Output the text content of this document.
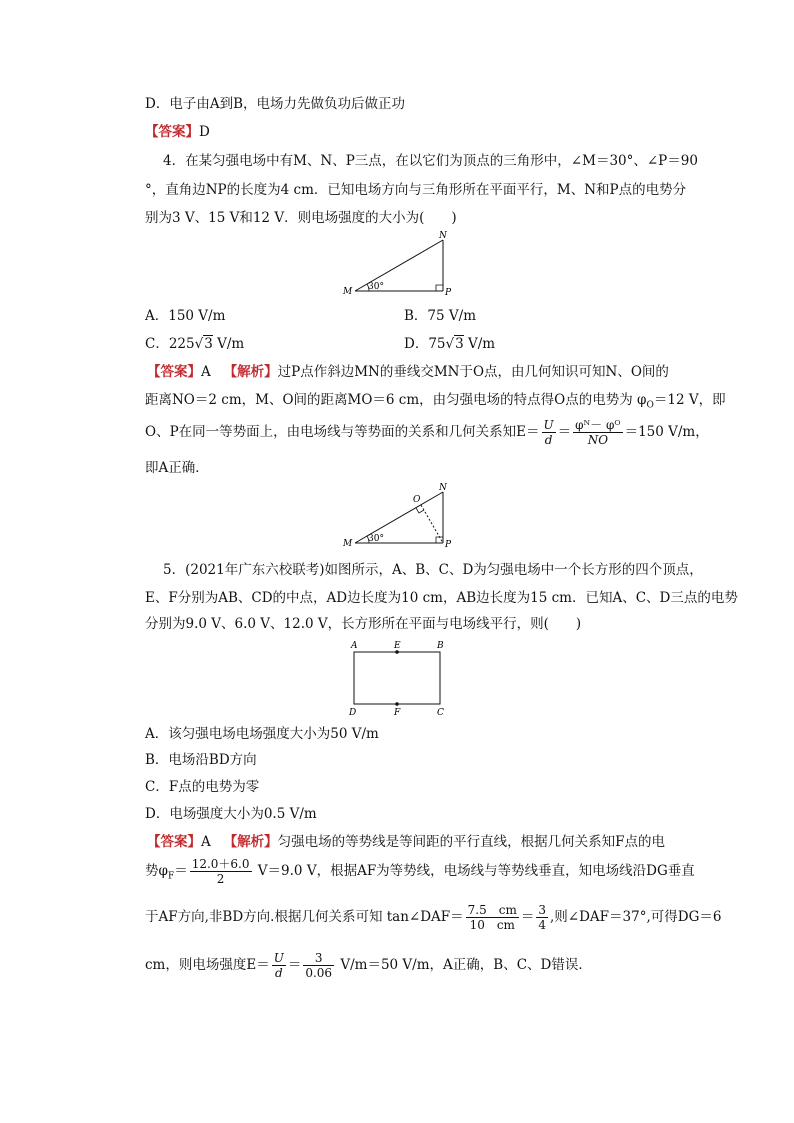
D．电子由A到B，电场力先做负功后做正功
【答案】D
4．在某匀强电场中有M、N、P三点，在以它们为顶点的三角形中，∠M＝30°、∠P＝90
°，直角边NP的长度为4 cm．已知电场方向与三角形所在平面平行，M、N和P点的电势分
别为3 V、15 V和12 V．则电场强度的大小为(　　)
N
M	P
30°
A．150 V/m	B．75 V/m
C．225√3 V/m	D．75√3 V/m
【答案】A 【解析】过P点作斜边MN的垂线交MN于O点，由几何知识可知N、O间的
距离NO＝2 cm，M、O间的距离MO＝6 cm，由匀强电场的特点得O点的电势为 $\varphi_O=12$ V，即
O、P在同一等势面上，由电场线与等势面的关系和几何关系知$E= \frac{U}{d} = \frac{\text{φᴺ－ φᴼ}}{NO} =150$ V/m，
即A正确．
N
O
M	P
30°
5．(2021年广东六校联考)如图所示，A、B、C、D为匀强电场中一个长方形的四个顶点，
E、F分别为AB、CD的中点，AD边长度为10 cm，AB边长度为15 cm．已知A、C、D三点的电势
分别为9.0 V、6.0 V、12.0 V，长方形所在平面与电场线平行，则(　　)
A	E	B
D	F	C
A．该匀强电场电场强度大小为50 V/m
B．电场沿BD方向
C．F点的电势为零
D．电场强度大小为0.5 V/m
【答案】A 【解析】匀强电场的等势线是等间距的平行直线，根据几何关系知F点的电
势$\varphi_F= \frac{12.0+6.0}{2} V=9.0$ V，根据AF为等势线，电场线与等势线垂直，知电场线沿DG垂直
于AF方向,非BD方向.根据几何关系可知 tan∠DAF＝ $\frac{7.5 cm}{10 cm} = \frac{3}{4}$ ,则∠DAF＝37°,可得DG＝6
cm，则电场强度$E= \frac{U}{d} = \frac{3}{0.06} V/m=50$ V/m，A正确，B、C、D错误．
